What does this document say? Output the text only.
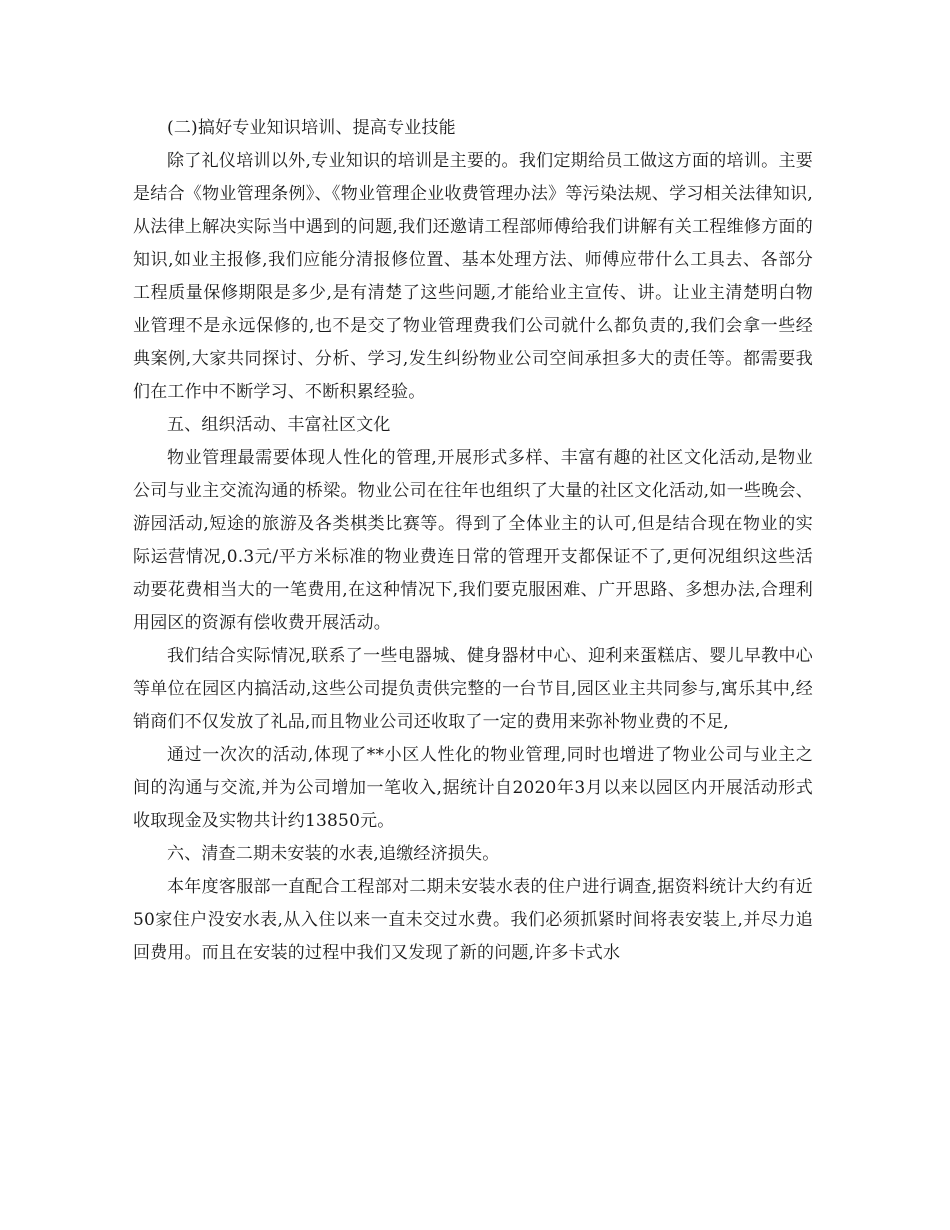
(二)搞好专业知识培训、提高专业技能

除了礼仪培训以外,专业知识的培训是主要的。我们定期给员工做这方面的培训。主要是结合《物业管理条例》、《物业管理企业收费管理办法》等污染法规、学习相关法律知识,从法律上解决实际当中遇到的问题,我们还邀请工程部师傅给我们讲解有关工程维修方面的知识,如业主报修,我们应能分清报修位置、基本处理方法、师傅应带什么工具去、各部分工程质量保修期限是多少,是有清楚了这些问题,才能给业主宣传、讲。让业主清楚明白物业管理不是永远保修的,也不是交了物业管理费我们公司就什么都负责的,我们会拿一些经典案例,大家共同探讨、分析、学习,发生纠纷物业公司空间承担多大的责任等。都需要我们在工作中不断学习、不断积累经验。

五、组织活动、丰富社区文化

物业管理最需要体现人性化的管理,开展形式多样、丰富有趣的社区文化活动,是物业公司与业主交流沟通的桥梁。物业公司在往年也组织了大量的社区文化活动,如一些晚会、游园活动,短途的旅游及各类棋类比赛等。得到了全体业主的认可,但是结合现在物业的实际运营情况,0.3元/平方米标准的物业费连日常的管理开支都保证不了,更何况组织这些活动要花费相当大的一笔费用,在这种情况下,我们要克服困难、广开思路、多想办法,合理利用园区的资源有偿收费开展活动。

我们结合实际情况,联系了一些电器城、健身器材中心、迎利来蛋糕店、婴儿早教中心等单位在园区内搞活动,这些公司提负责供完整的一台节目,园区业主共同参与,寓乐其中,经销商们不仅发放了礼品,而且物业公司还收取了一定的费用来弥补物业费的不足,

通过一次次的活动,体现了**小区人性化的物业管理,同时也增进了物业公司与业主之间的沟通与交流,并为公司增加一笔收入,据统计自2020年3月以来以园区内开展活动形式收取现金及实物共计约13850元。

六、清查二期未安装的水表,追缴经济损失。

本年度客服部一直配合工程部对二期未安装水表的住户进行调查,据资料统计大约有近50家住户没安水表,从入住以来一直未交过水费。我们必须抓紧时间将表安装上,并尽力追回费用。而且在安装的过程中我们又发现了新的问题,许多卡式水
